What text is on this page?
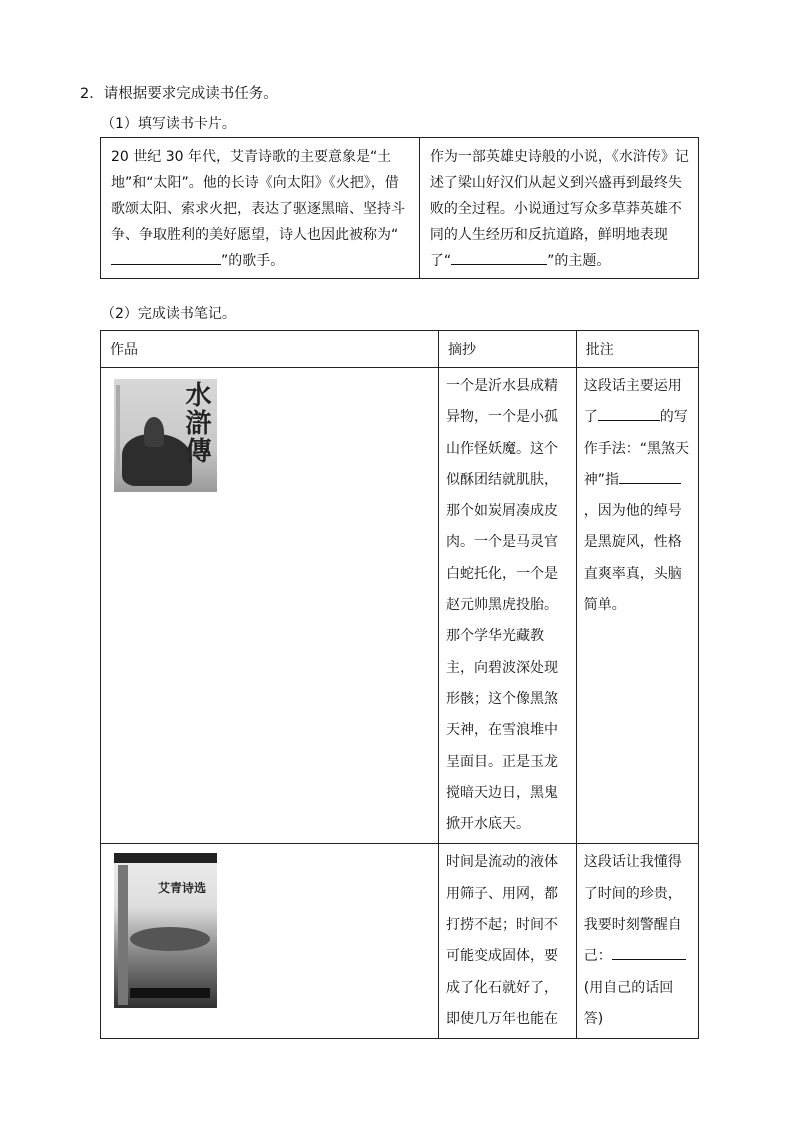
2．请根据要求完成读书任务。
（1）填写读书卡片。
20 世纪 30 年代，艾青诗歌的主要意象是“土地”和“太阳”。他的长诗《向太阳》《火把》，借歌颂太阳、索求火把，表达了驱逐黑暗、坚持斗争、争取胜利的美好愿望，诗人也因此被称为“”的歌手。	作为一部英雄史诗般的小说，《水浒传》记述了梁山好汉们从起义到兴盛再到最终失败的全过程。小说通过写众多草莽英雄不同的人生经历和反抗道路，鲜明地表现了“	”的主题。
（2）完成读书笔记。
作品	摘抄	批注

水滸傳	一个是沂水县成精异物，一个是小孤山作怪妖魔。这个似酥团结就肌肤，那个如炭屑凑成皮肉。一个是马灵官白蛇托化，一个是赵元帅黑虎投胎。那个学华光藏教主，向碧波深处现形骸；这个像黑煞天神，在雪浪堆中呈面目。正是玉龙搅暗天边日，黑鬼掀开水底天。	这段话主要运用了 的写作手法：“黑煞天神”指，因为他的绰号是黑旋风，性格直爽率真，头脑简单。

艾青诗选	时间是流动的液体用筛子、用网，都打捞不起；时间不可能变成固体，要成了化石就好了，即使几万年也能在	这段话让我懂得了时间的珍贵，我要时刻警醒自己：(用自己的话回答)
